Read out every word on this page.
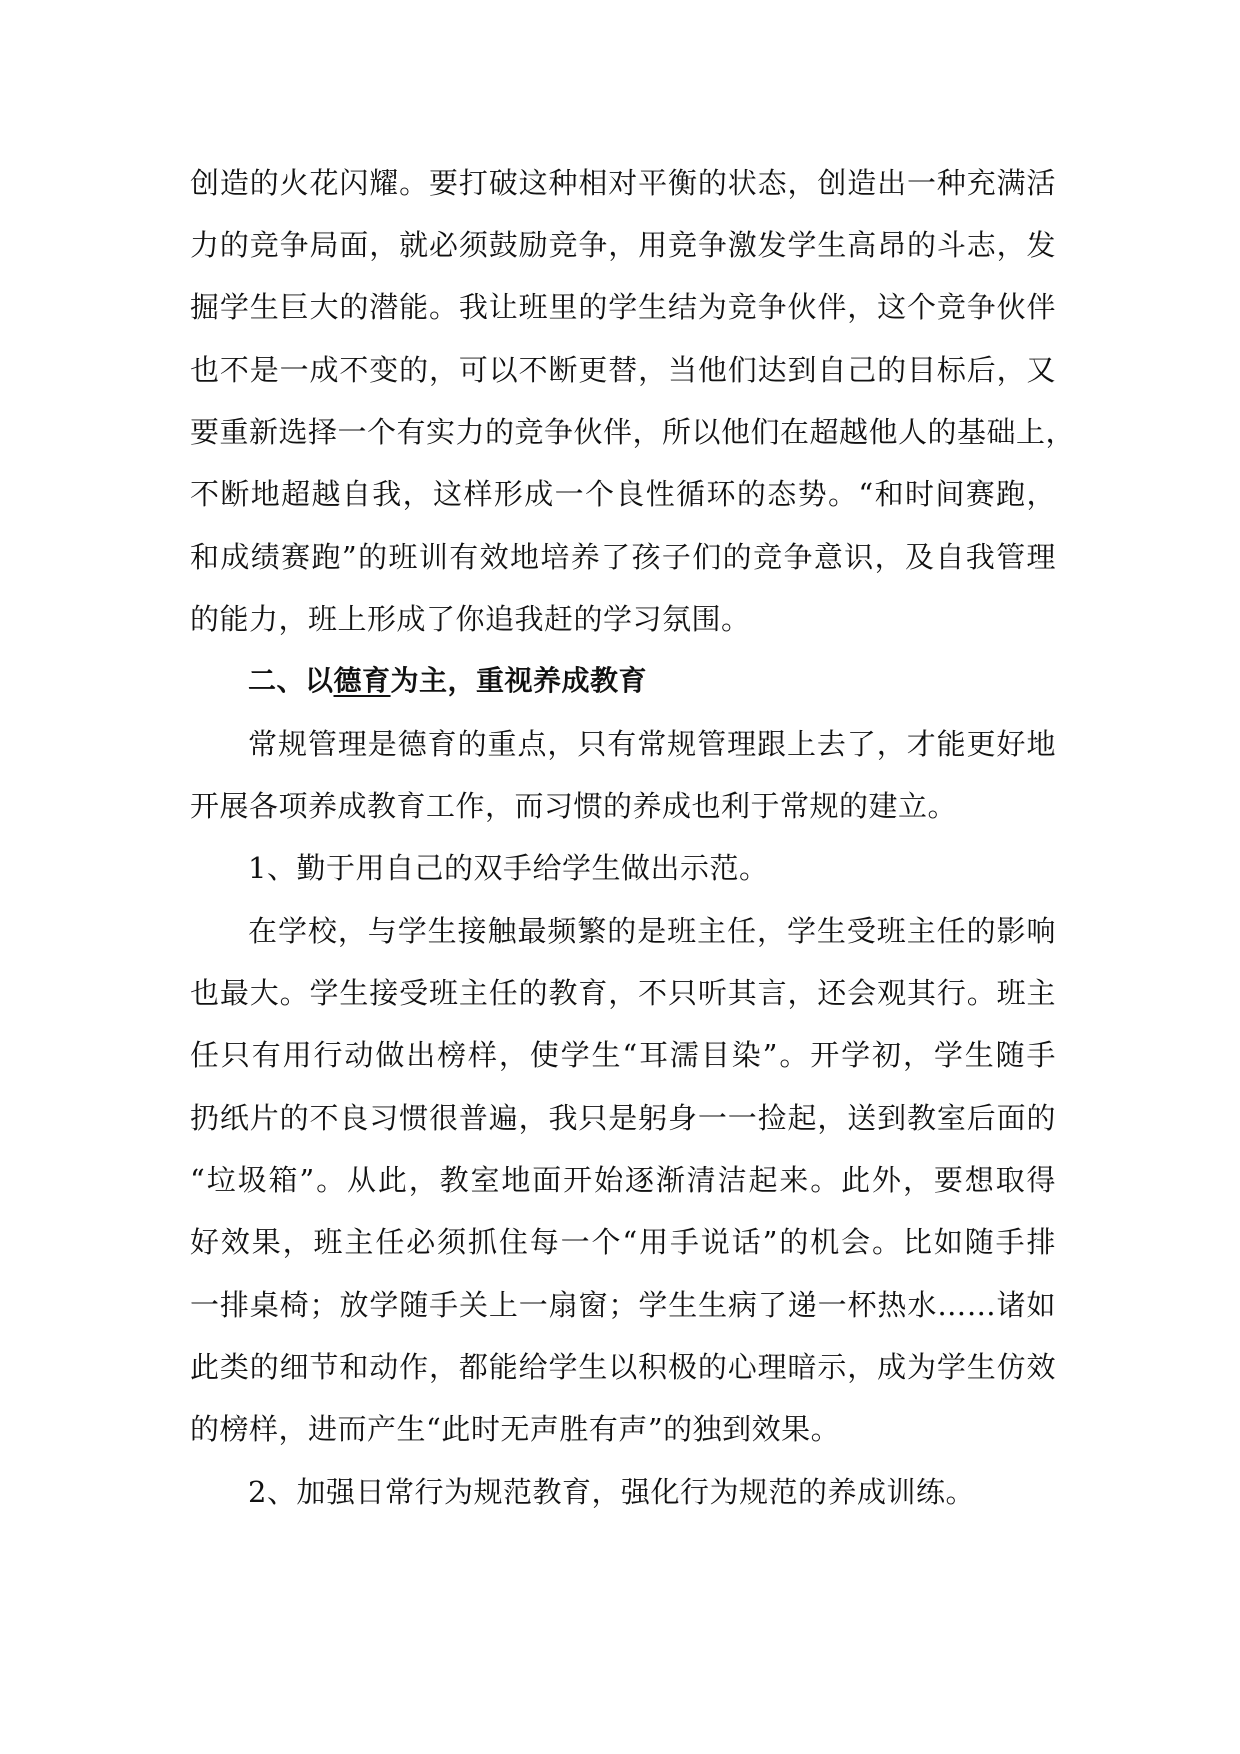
创造的火花闪耀。要打破这种相对平衡的状态，创造出一种充满活
力的竞争局面，就必须鼓励竞争，用竞争激发学生高昂的斗志，发
掘学生巨大的潜能。我让班里的学生结为竞争伙伴，这个竞争伙伴
也不是一成不变的，可以不断更替，当他们达到自己的目标后，又
要重新选择一个有实力的竞争伙伴，所以他们在超越他人的基础上，
不断地超越自我，这样形成一个良性循环的态势。“和时间赛跑，
和成绩赛跑”的班训有效地培养了孩子们的竞争意识，及自我管理
的能力，班上形成了你追我赶的学习氛围。
二、以德育为主，重视养成教育
常规管理是德育的重点，只有常规管理跟上去了，才能更好地
开展各项养成教育工作，而习惯的养成也利于常规的建立。
1、勤于用自己的双手给学生做出示范。
在学校，与学生接触最频繁的是班主任，学生受班主任的影响
也最大。学生接受班主任的教育，不只听其言，还会观其行。班主
任只有用行动做出榜样，使学生“耳濡目染”。开学初，学生随手
扔纸片的不良习惯很普遍，我只是躬身一一捡起，送到教室后面的
“垃圾箱”。从此，教室地面开始逐渐清洁起来。此外，要想取得
好效果，班主任必须抓住每一个“用手说话”的机会。比如随手排
一排桌椅；放学随手关上一扇窗；学生生病了递一杯热水……诸如
此类的细节和动作，都能给学生以积极的心理暗示，成为学生仿效
的榜样，进而产生“此时无声胜有声”的独到效果。
2、加强日常行为规范教育，强化行为规范的养成训练。
